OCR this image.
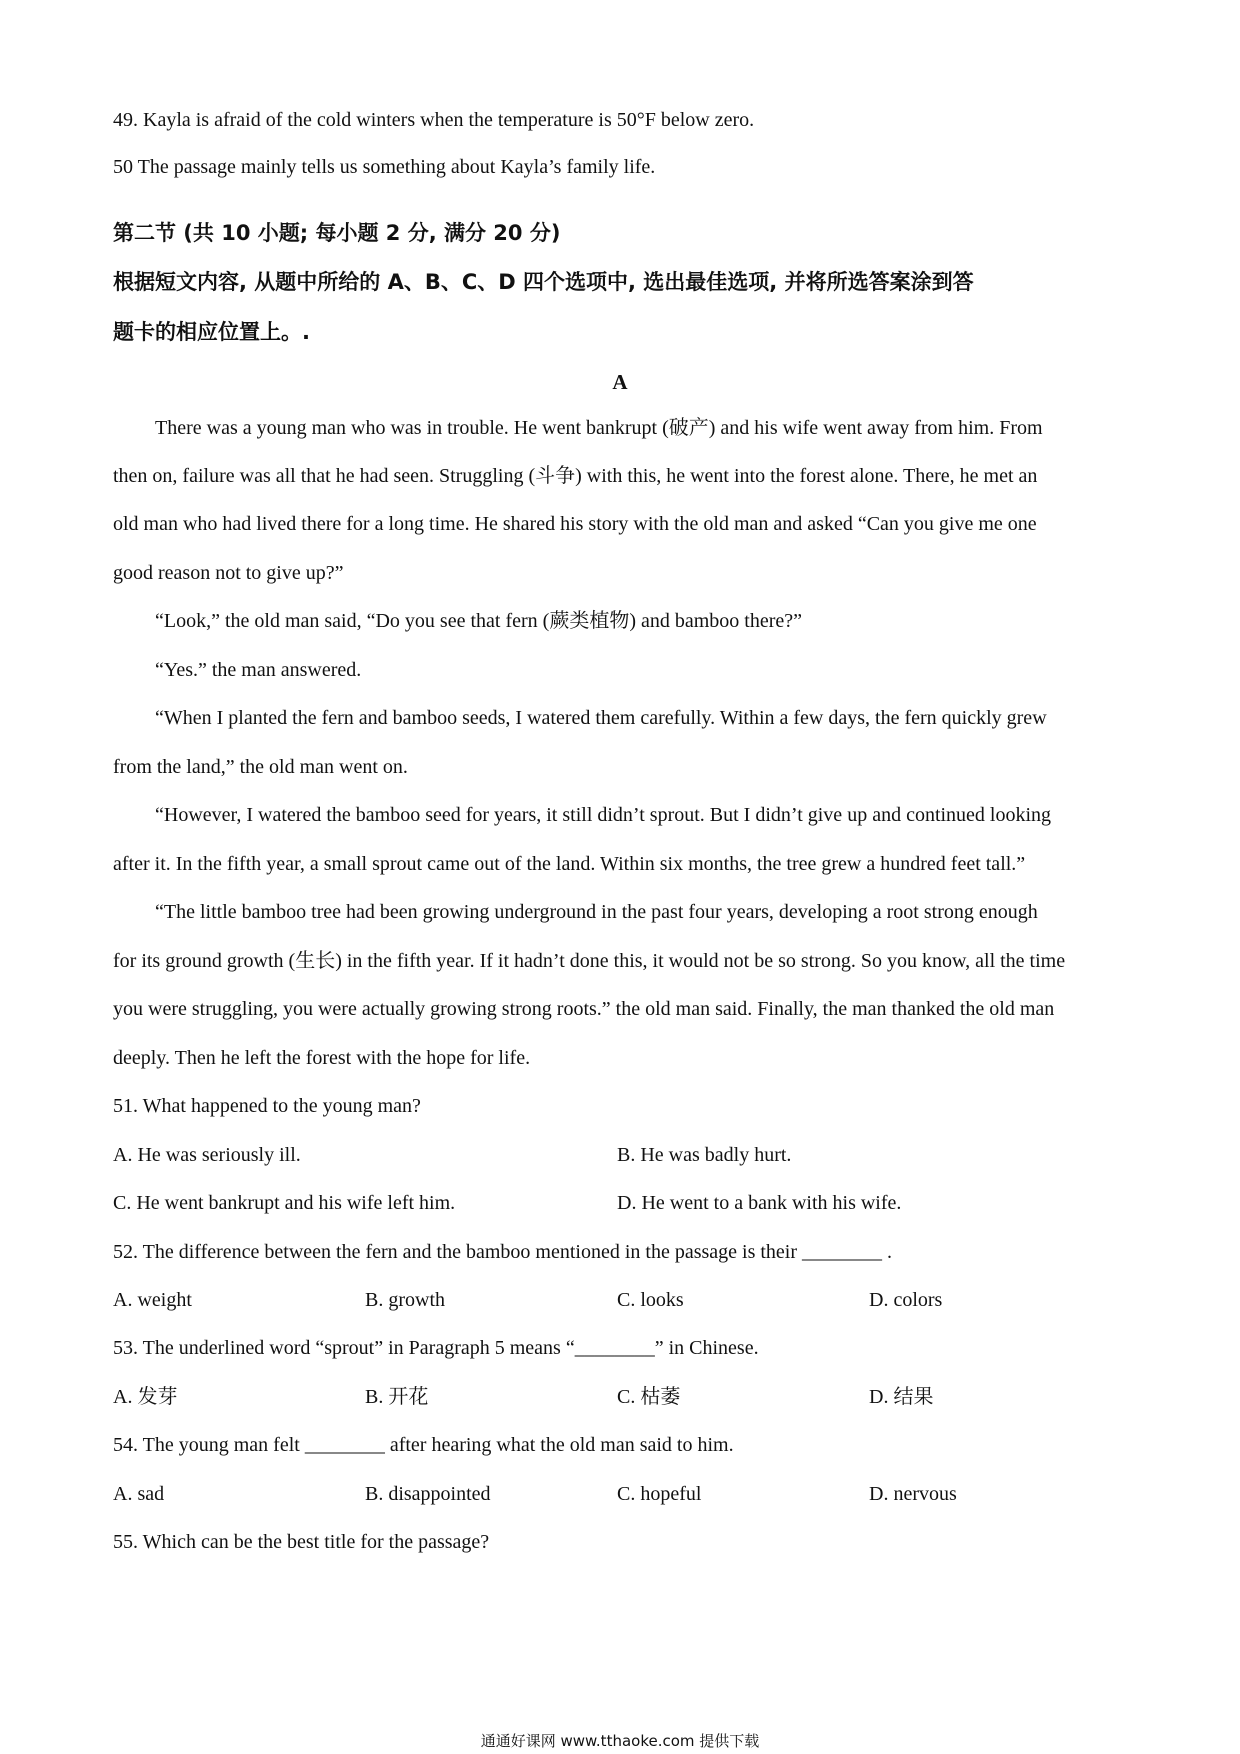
49. Kayla is afraid of the cold winters when the temperature is 50°F below zero.
50 The passage mainly tells us something about Kayla’s family life.
第二节 (共 10 小题; 每小题 2 分, 满分 20 分)
根据短文内容, 从题中所给的 A、B、C、D 四个选项中, 选出最佳选项, 并将所选答案涂到答
题卡的相应位置上。.
A
There was a young man who was in trouble. He went bankrupt (破产) and his wife went away from him. From
then on, failure was all that he had seen. Struggling (斗争) with this, he went into the forest alone. There, he met an
old man who had lived there for a long time. He shared his story with the old man and asked “Can you give me one
good reason not to give up?”
“Look,” the old man said, “Do you see that fern (蕨类植物) and bamboo there?”
“Yes.” the man answered.
“When I planted the fern and bamboo seeds, I watered them carefully. Within a few days, the fern quickly grew
from the land,” the old man went on.
“However, I watered the bamboo seed for years, it still didn’t sprout. But I didn’t give up and continued looking
after it. In the fifth year, a small sprout came out of the land. Within six months, the tree grew a hundred feet tall.”
“The little bamboo tree had been growing underground in the past four years, developing a root strong enough
for its ground growth (生长) in the fifth year. If it hadn’t done this, it would not be so strong. So you know, all the time
you were struggling, you were actually growing strong roots.” the old man said. Finally, the man thanked the old man
deeply. Then he left the forest with the hope for life.
51. What happened to the young man?
A. He was seriously ill.	B. He was badly hurt.
C. He went bankrupt and his wife left him.	D. He went to a bank with his wife.
52. The difference between the fern and the bamboo mentioned in the passage is their ________ .
A. weight	B. growth	C. looks	D. colors
53. The underlined word “sprout” in Paragraph 5 means “________” in Chinese.
A. 发芽	B. 开花	C. 枯萎	D. 结果
54. The young man felt ________ after hearing what the old man said to him.
A. sad	B. disappointed	C. hopeful	D. nervous
55. Which can be the best title for the passage?
通通好课网 www.tthaoke.com 提供下载
